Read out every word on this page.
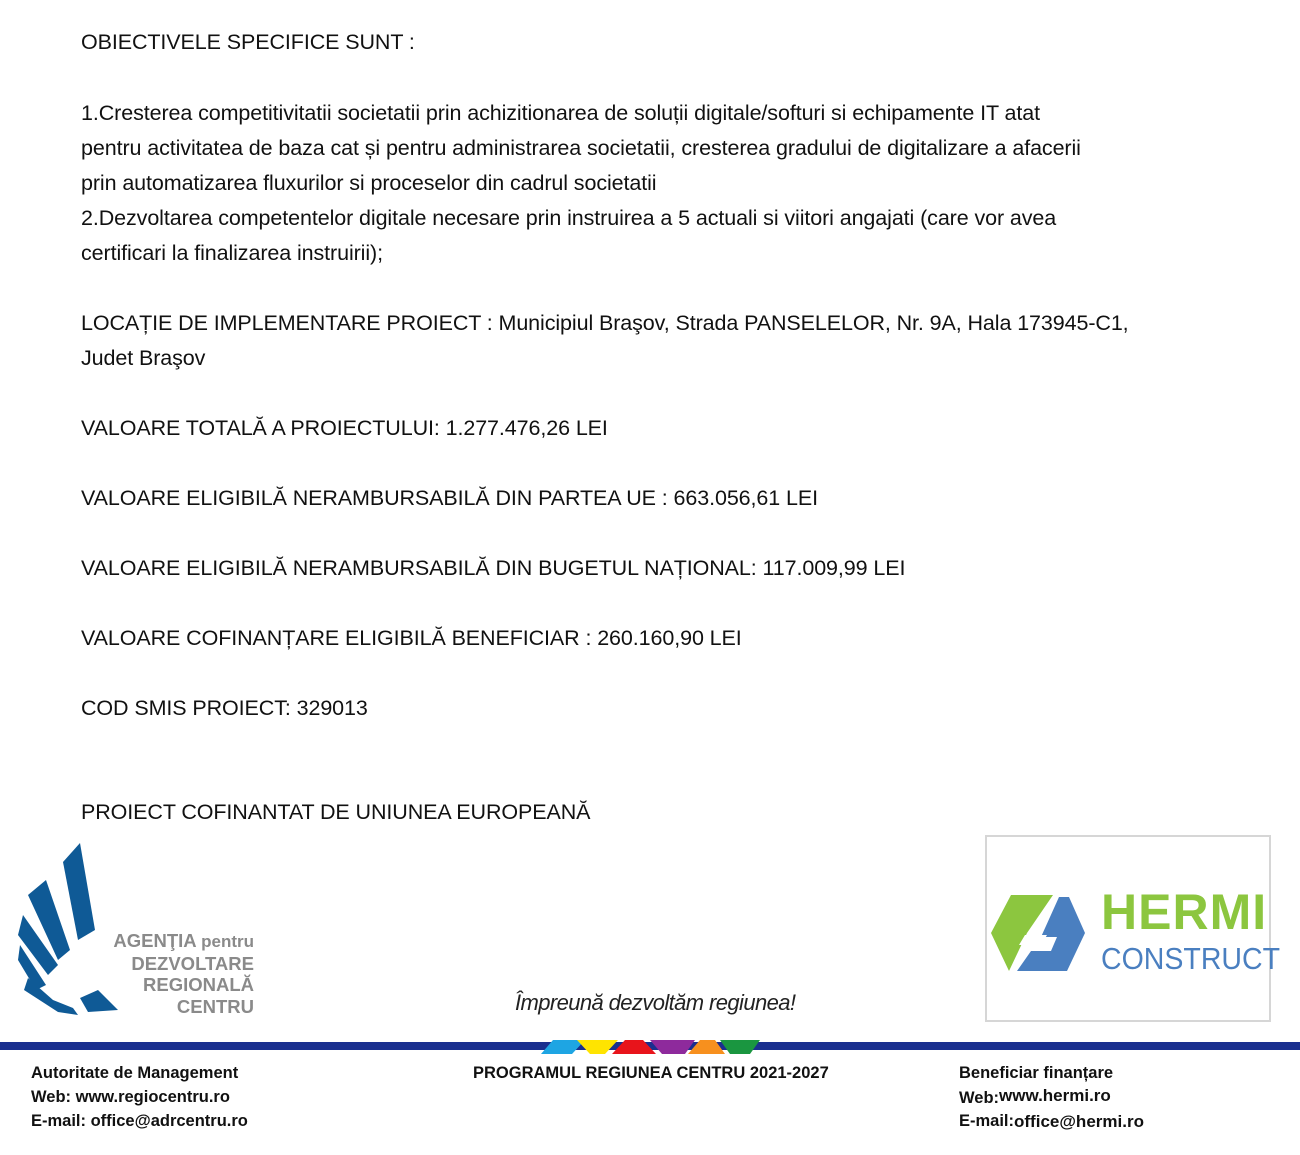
OBIECTIVELE SPECIFICE SUNT :
1.Cresterea competitivitatii societatii prin achizitionarea de soluții digitale/softuri si echipamente IT atat
pentru activitatea de baza cat și pentru administrarea societatii, cresterea gradului de digitalizare a afacerii
prin automatizarea fluxurilor si proceselor din cadrul societatii
2.Dezvoltarea competentelor digitale necesare prin instruirea a 5 actuali si viitori angajati (care vor avea
certificari la finalizarea instruirii);
LOCAȚIE DE IMPLEMENTARE PROIECT : Municipiul Braşov, Strada PANSELELOR, Nr. 9A, Hala 173945-C1,
Judet Braşov
VALOARE TOTALĂ A PROIECTULUI: 1.277.476,26 LEI
VALOARE ELIGIBILĂ NERAMBURSABILĂ DIN PARTEA UE : 663.056,61 LEI
VALOARE ELIGIBILĂ NERAMBURSABILĂ DIN BUGETUL NAȚIONAL: 117.009,99 LEI
VALOARE COFINANȚARE ELIGIBILĂ BENEFICIAR : 260.160,90 LEI
COD SMIS PROIECT: 329013
PROIECT COFINANTAT DE UNIUNEA EUROPEANĂ
AGENŢIA pentru
DEZVOLTARE
REGIONALĂ
CENTRU	Împreună dezvoltăm regiunea!
HERMI
CONSTRUCT
Autoritate de Management
Web: www.regiocentru.ro
E-mail: office@adrcentru.ro
PROGRAMUL REGIUNEA CENTRU 2021-2027	Beneficiar finanțare
Web:www.hermi.ro
E-mail:office@hermi.ro
